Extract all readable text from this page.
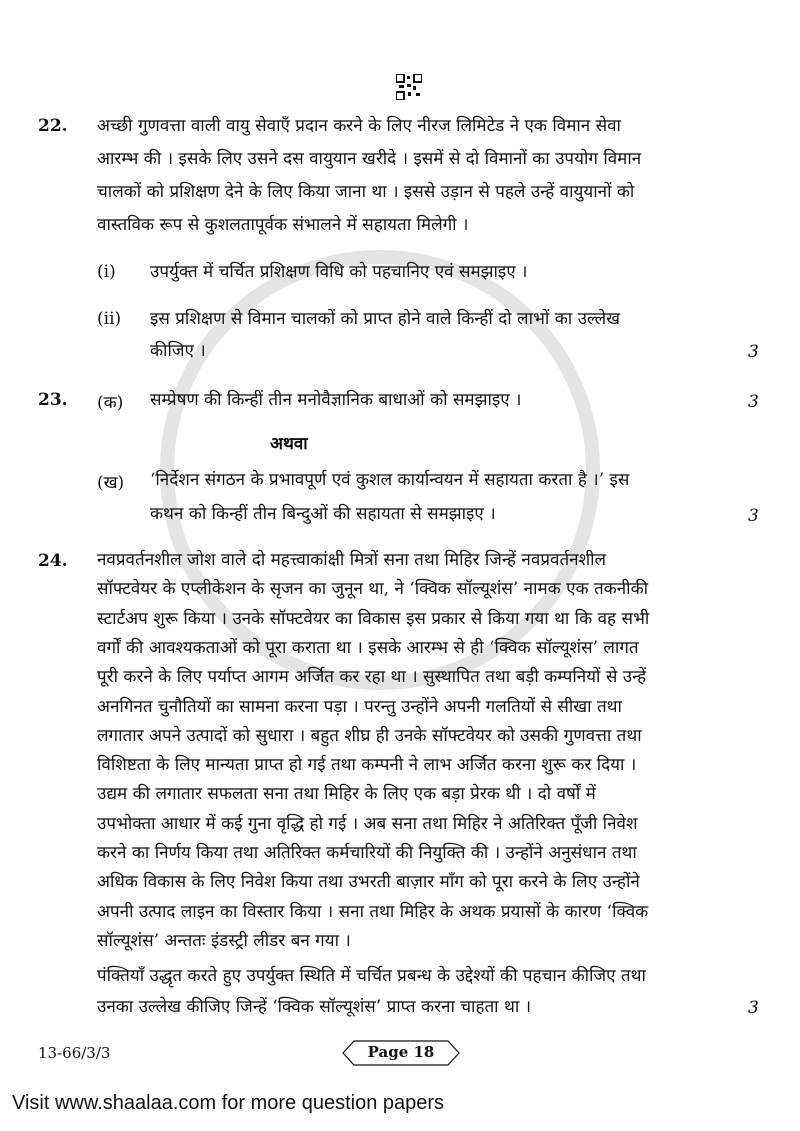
22. अच्छी गुणवत्ता वाली वायु सेवाएँ प्रदान करने के लिए नीरज लिमिटेड ने एक विमान सेवा
आरम्भ की । इसके लिए उसने दस वायुयान खरीदे । इसमें से दो विमानों का उपयोग विमान
चालकों को प्रशिक्षण देने के लिए किया जाना था । इससे उड़ान से पहले उन्हें वायुयानों को
वास्तविक रूप से कुशलतापूर्वक संभालने में सहायता मिलेगी ।
(i) उपर्युक्त में चर्चित प्रशिक्षण विधि को पहचानिए एवं समझाइए ।
(ii) इस प्रशिक्षण से विमान चालकों को प्राप्त होने वाले किन्हीं दो लाभों का उल्लेख
कीजिए ।	3
23. (क) सम्प्रेषण की किन्हीं तीन मनोवैज्ञानिक बाधाओं को समझाइए ।	3
अथवा
(ख) ‘निर्देशन संगठन के प्रभावपूर्ण एवं कुशल कार्यान्वयन में सहायता करता है ।’ इस
कथन को किन्हीं तीन बिन्दुओं की सहायता से समझाइए ।	3
24. नवप्रवर्तनशील जोश वाले दो महत्त्वाकांक्षी मित्रों सना तथा मिहिर जिन्हें नवप्रवर्तनशील
सॉफ्टवेयर के एप्लीकेशन के सृजन का जुनून था, ने ‘क्विक सॉल्यूशंस’ नामक एक तकनीकी
स्टार्टअप शुरू किया । उनके सॉफ्टवेयर का विकास इस प्रकार से किया गया था कि वह सभी
वर्गों की आवश्यकताओं को पूरा कराता था । इसके आरम्भ से ही ‘क्विक सॉल्यूशंस’ लागत
पूरी करने के लिए पर्याप्त आगम अर्जित कर रहा था । सुस्थापित तथा बड़ी कम्पनियों से उन्हें
अनगिनत चुनौतियों का सामना करना पड़ा । परन्तु उन्होंने अपनी गलतियों से सीखा तथा
लगातार अपने उत्पादों को सुधारा । बहुत शीघ्र ही उनके सॉफ्टवेयर को उसकी गुणवत्ता तथा
विशिष्टता के लिए मान्यता प्राप्त हो गई तथा कम्पनी ने लाभ अर्जित करना शुरू कर दिया ।
उद्यम की लगातार सफलता सना तथा मिहिर के लिए एक बड़ा प्रेरक थी । दो वर्षों में
उपभोक्ता आधार में कई गुना वृद्धि हो गई । अब सना तथा मिहिर ने अतिरिक्त पूँजी निवेश
करने का निर्णय किया तथा अतिरिक्त कर्मचारियों की नियुक्ति की । उन्होंने अनुसंधान तथा
अधिक विकास के लिए निवेश किया तथा उभरती बाज़ार माँग को पूरा करने के लिए उन्होंने
अपनी उत्पाद लाइन का विस्तार किया । सना तथा मिहिर के अथक प्रयासों के कारण ‘क्विक
सॉल्यूशंस’ अन्ततः इंडस्ट्री लीडर बन गया ।
पंक्तियाँ उद्धृत करते हुए उपर्युक्त स्थिति में चर्चित प्रबन्ध के उद्देश्यों की पहचान कीजिए तथा
उनका उल्लेख कीजिए जिन्हें ‘क्विक सॉल्यूशंस’ प्राप्त करना चाहता था ।	3
13-66/3/3	Page 18
Visit www.shaalaa.com for more question papers
